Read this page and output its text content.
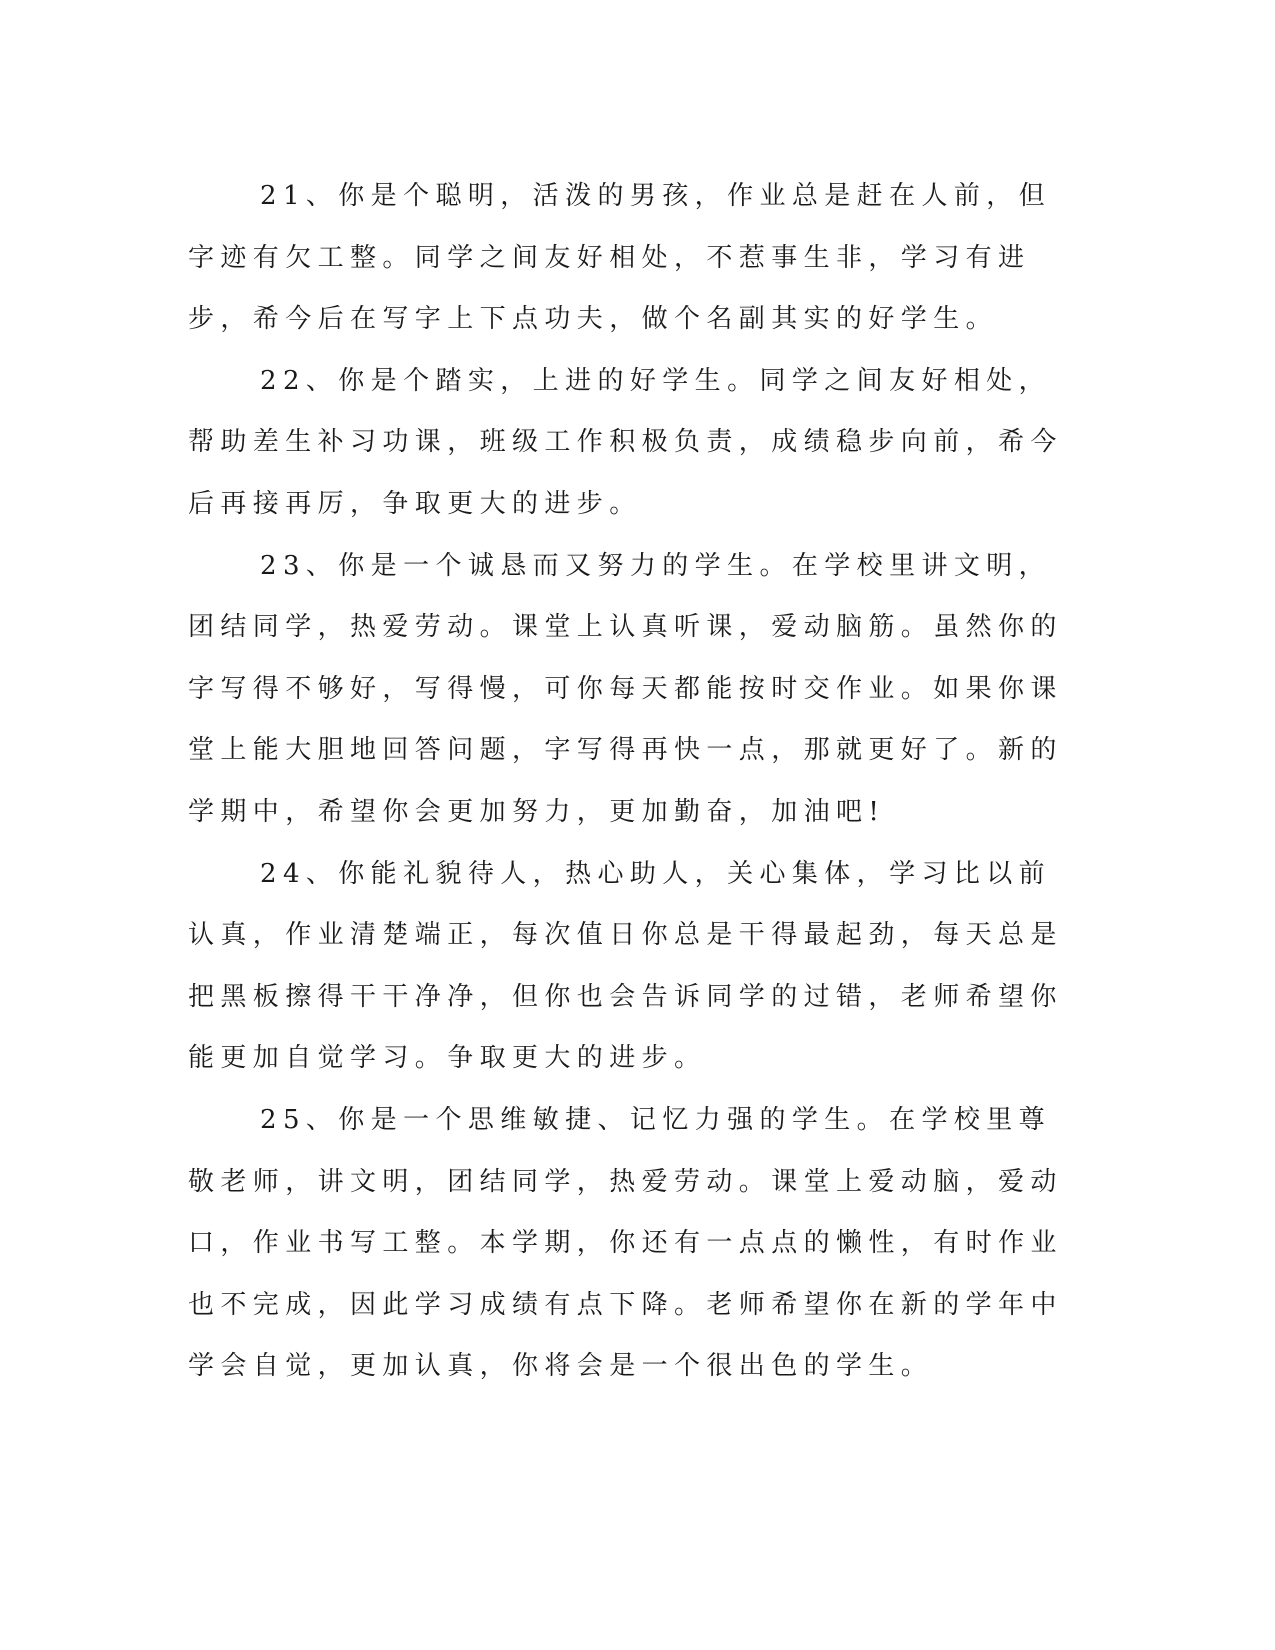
21、你是个聪明，活泼的男孩，作业总是赶在人前，但字迹有欠工整。同学之间友好相处，不惹事生非，学习有进步，希今后在写字上下点功夫，做个名副其实的好学生。

22、你是个踏实，上进的好学生。同学之间友好相处，帮助差生补习功课，班级工作积极负责，成绩稳步向前，希今后再接再厉，争取更大的进步。

23、你是一个诚恳而又努力的学生。在学校里讲文明，团结同学，热爱劳动。课堂上认真听课，爱动脑筋。虽然你的字写得不够好，写得慢，可你每天都能按时交作业。如果你课堂上能大胆地回答问题，字写得再快一点，那就更好了。新的学期中，希望你会更加努力，更加勤奋，加油吧!

24、你能礼貌待人，热心助人，关心集体，学习比以前认真，作业清楚端正，每次值日你总是干得最起劲，每天总是把黑板擦得干干净净，但你也会告诉同学的过错，老师希望你能更加自觉学习。争取更大的进步。

25、你是一个思维敏捷、记忆力强的学生。在学校里尊敬老师，讲文明，团结同学，热爱劳动。课堂上爱动脑，爱动口，作业书写工整。本学期，你还有一点点的懒性，有时作业也不完成，因此学习成绩有点下降。老师希望你在新的学年中学会自觉，更加认真，你将会是一个很出色的学生。
